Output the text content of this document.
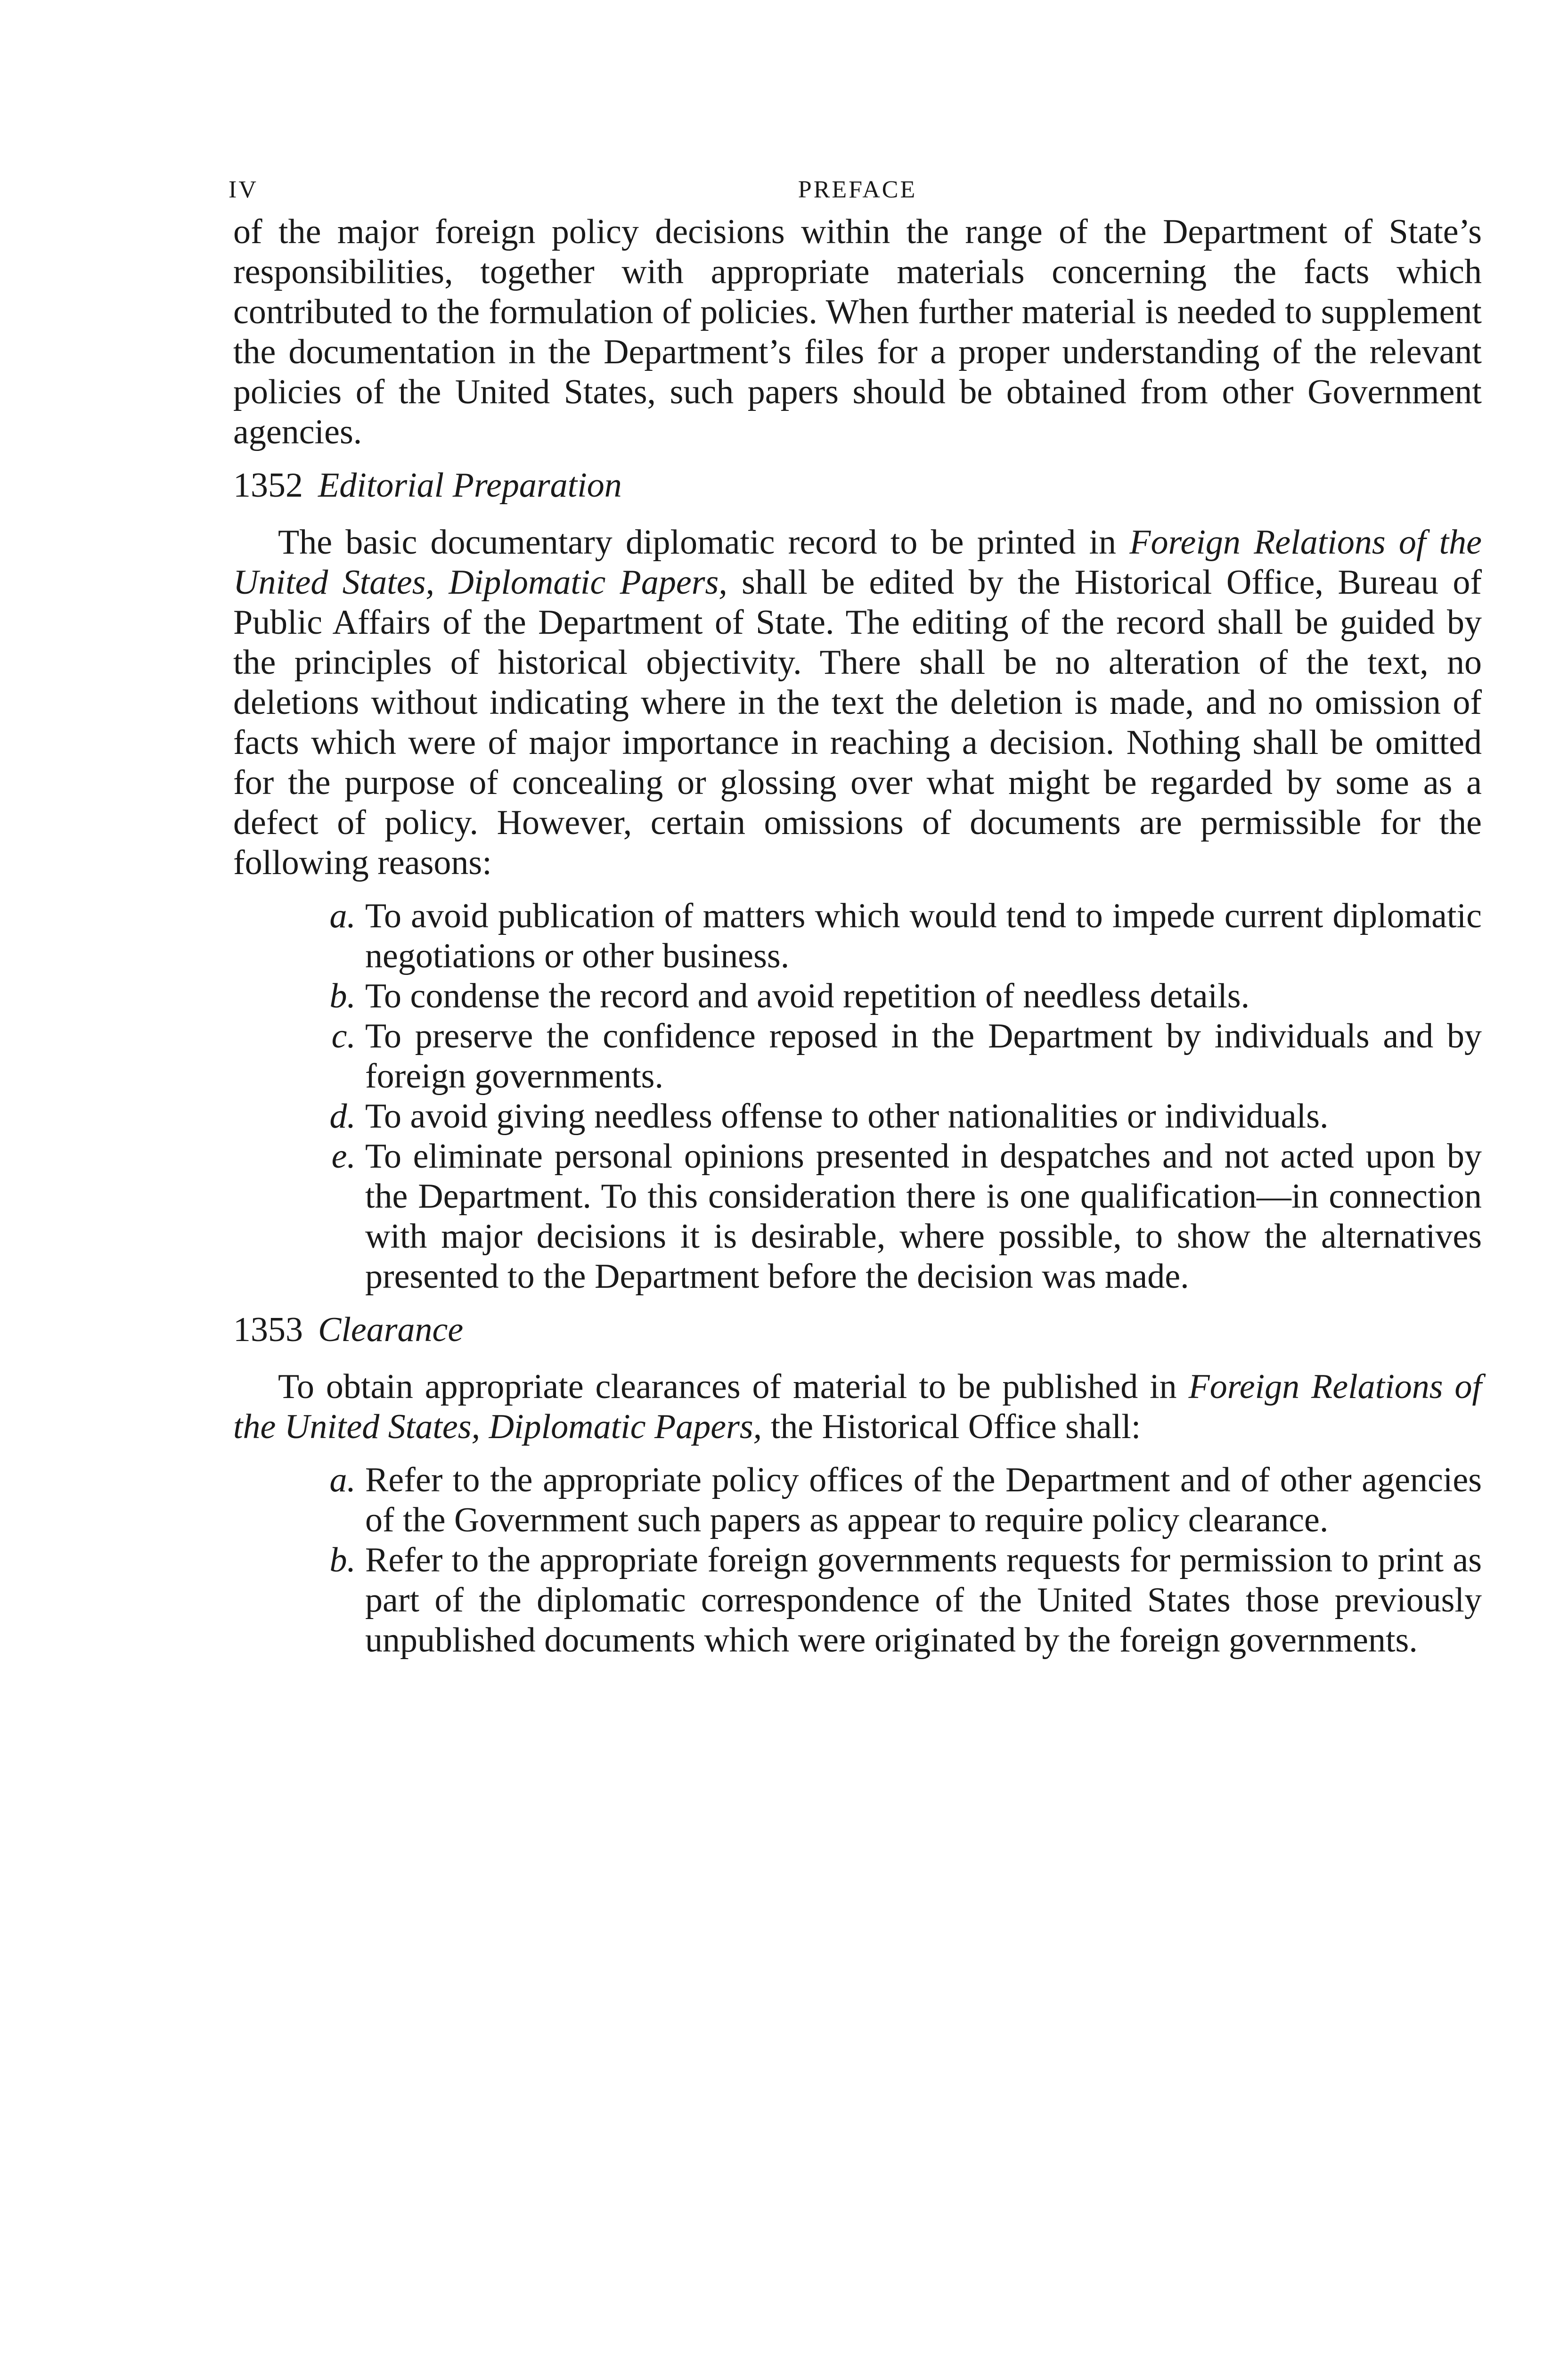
IV	PREFACE

of the major foreign policy decisions within the range of the Department of State’s responsibilities, together with appropriate materials concerning the facts which contributed to the formulation of policies. When further material is needed to supplement the documentation in the Department’s files for a proper understanding of the relevant policies of the United States, such papers should be obtained from other Government agencies.

1352 Editorial Preparation

The basic documentary diplomatic record to be printed in Foreign Relations of the United States, Diplomatic Papers, shall be edited by the Historical Office, Bureau of Public Affairs of the Department of State. The editing of the record shall be guided by the principles of historical objectivity. There shall be no alteration of the text, no deletions without indicating where in the text the deletion is made, and no omission of facts which were of major importance in reaching a decision. Nothing shall be omitted for the purpose of concealing or glossing over what might be regarded by some as a defect of policy. However, certain omissions of documents are permissible for the following reasons:

a. To avoid publication of matters which would tend to impede current diplomatic negotiations or other business.
b. To condense the record and avoid repetition of needless details.
c. To preserve the confidence reposed in the Department by individuals and by foreign governments.
d. To avoid giving needless offense to other nationalities or individuals.
e. To eliminate personal opinions presented in despatches and not acted upon by the Department. To this consideration there is one qualification—in connection with major decisions it is desirable, where possible, to show the alternatives presented to the Department before the decision was made.
1353 Clearance

To obtain appropriate clearances of material to be published in Foreign Relations of the United States, Diplomatic Papers, the Historical Office shall:

a. Refer to the appropriate policy offices of the Department and of other agencies of the Government such papers as appear to require policy clearance.
b. Refer to the appropriate foreign governments requests for permission to print as part of the diplomatic correspondence of the United States those previously unpublished documents which were originated by the foreign governments.
